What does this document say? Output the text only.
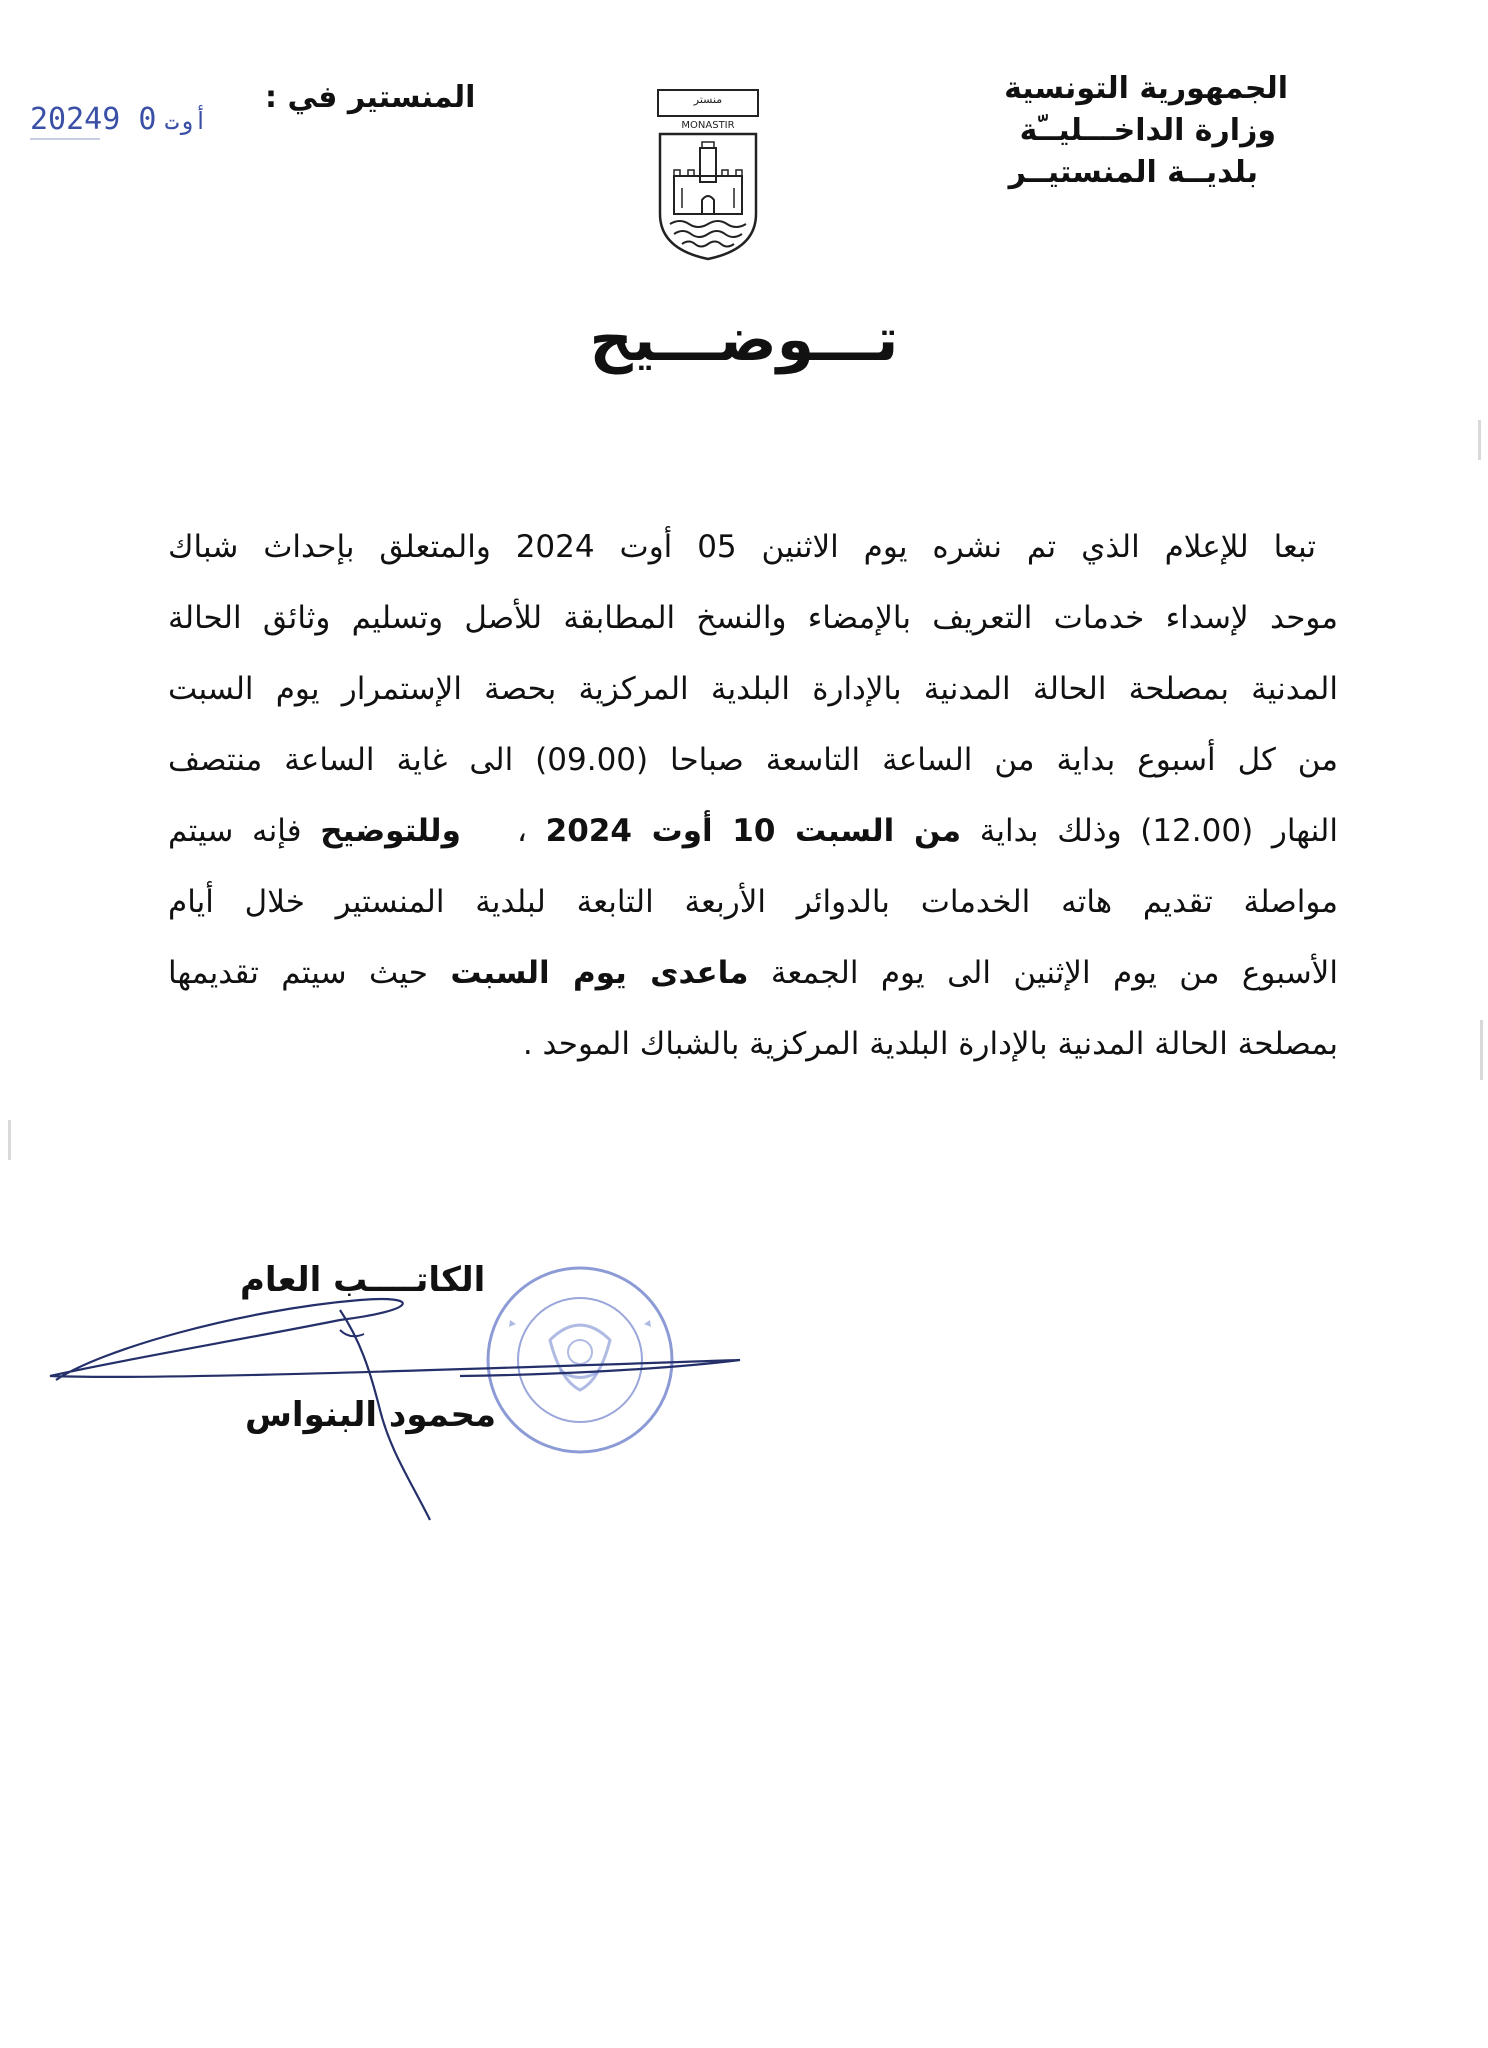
الجمهورية التونسية
وزارة الداخـــليــّة
بلديــة المنستيــر
منستر
MONASTIR
المنستير في :
2024	أوت0 9
تـــوضـــيح
تبعا للإعلام الذي تم نشره يوم الاثنين 05 أوت 2024 والمتعلق بإحداث شباك
موحد لإسداء خدمات التعريف بالإمضاء والنسخ المطابقة للأصل وتسليم وثائق الحالة
المدنية بمصلحة الحالة المدنية بالإدارة البلدية المركزية بحصة الإستمرار يوم السبت
من كل أسبوع بداية من الساعة التاسعة صباحا (09.00) الى غاية الساعة منتصف
النهار (12.00) وذلك بداية من السبت 10 أوت 2024 ،   وللتوضيح فإنه سيتم
مواصلة تقديم هاته الخدمات بالدوائر الأربعة التابعة لبلدية المنستير خلال أيام
الأسبوع من يوم الإثنين الى يوم الجمعة ماعدى يوم السبت حيث سيتم تقديمها
بمصلحة الحالة المدنية بالإدارة البلدية المركزية بالشباك الموحد .
الكاتــــب العام
محمود البنواس
